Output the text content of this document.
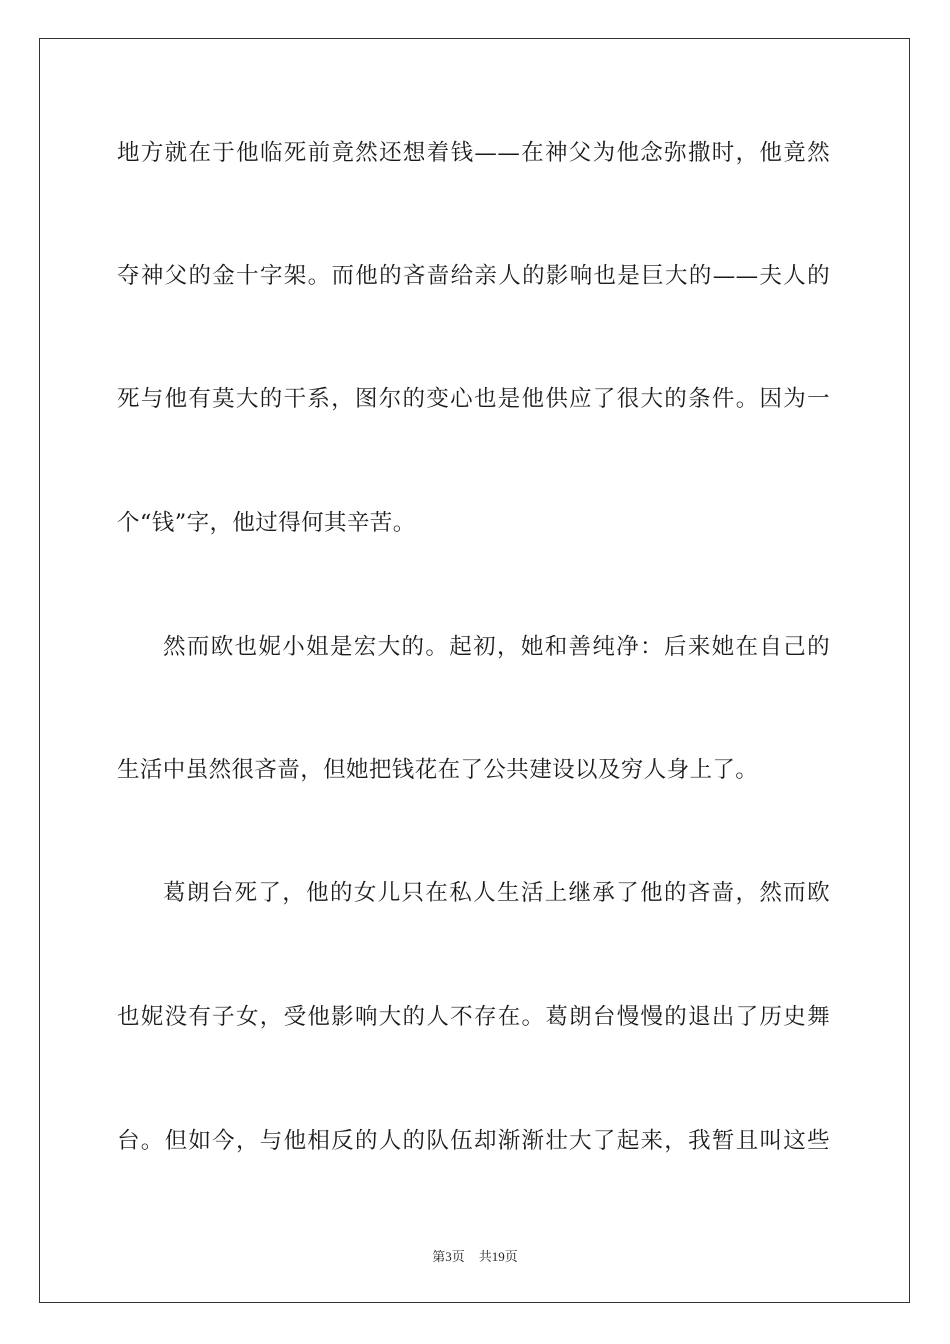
地方就在于他临死前竟然还想着钱——在神父为他念弥撒时，他竟然
夺神父的金十字架。而他的吝啬给亲人的影响也是巨大的——夫人的
死与他有莫大的干系，图尔的变心也是他供应了很大的条件。因为一
个“钱”字，他过得何其辛苦。
然而欧也妮小姐是宏大的。起初，她和善纯净：后来她在自己的
生活中虽然很吝啬，但她把钱花在了公共建设以及穷人身上了。
葛朗台死了，他的女儿只在私人生活上继承了他的吝啬，然而欧
也妮没有子女，受他影响大的人不存在。葛朗台慢慢的退出了历史舞
台。但如今，与他相反的人的队伍却渐渐壮大了起来，我暂且叫这些
第3页 共19页
